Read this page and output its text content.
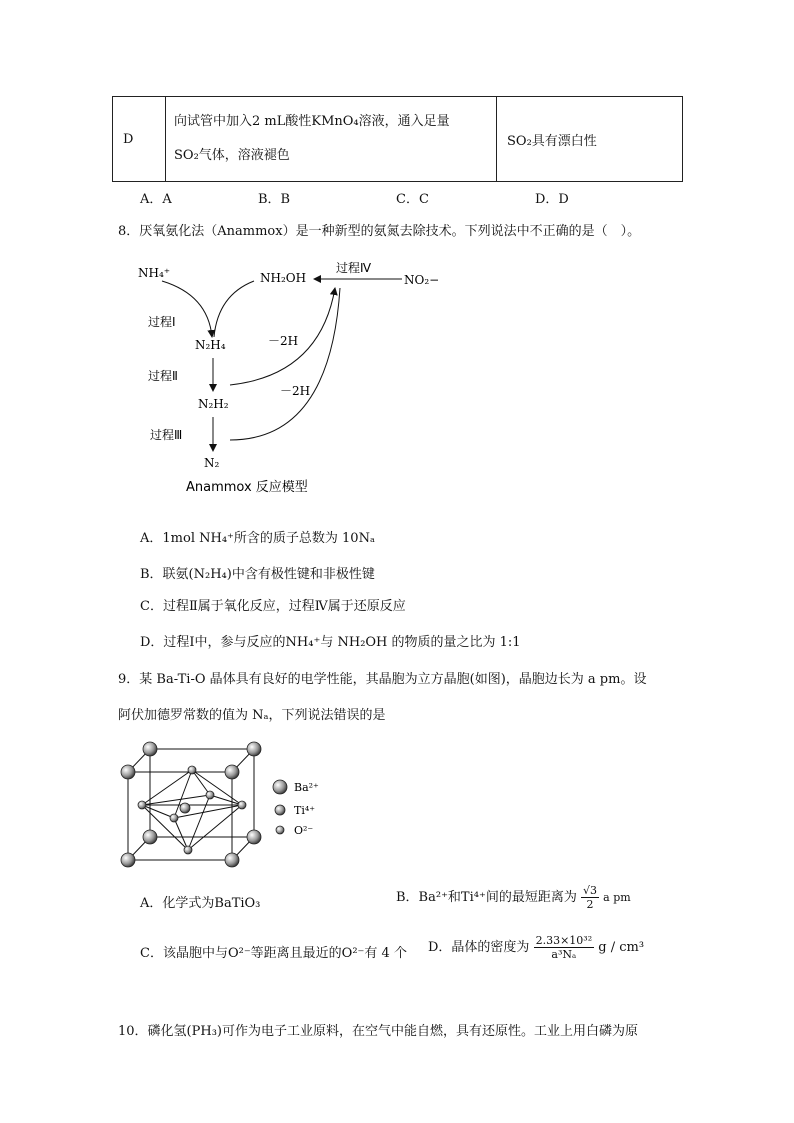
D	
向试管中加入2 mL酸性KMnO₄溶液，通入足量
SO₂气体，溶液褪色
	SO₂具有漂白性
A．A	B．B	C．C	D．D
8．厌氧氨化法（Anammox）是一种新型的氨氮去除技术。下列说法中不正确的是（　）。
NH₄⁺	NH₂OH	NO₂−
过程Ⅳ
过程Ⅰ
N₂H₄	－2H
过程Ⅱ
N₂H₂
－2H
过程Ⅲ
N₂
Anammox 反应模型
A．1mol NH₄⁺所含的质子总数为 10Nₐ
B．联氨(N₂H₄)中含有极性键和非极性键
C．过程Ⅱ属于氧化反应，过程Ⅳ属于还原反应
D．过程Ⅰ中，参与反应的NH₄⁺与 NH₂OH 的物质的量之比为 1:1
9．某 Ba-Ti-O 晶体具有良好的电学性能，其晶胞为立方晶胞(如图)，晶胞边长为 a pm。设
阿伏加德罗常数的值为 Nₐ，下列说法错误的是
Ba²⁺
Ti⁴⁺
O²⁻
A．化学式为BaTiO₃	B．Ba²⁺和Ti⁴⁺间的最短距离为 $\frac{√3}{2}$ a pm
C．该晶胞中与O²⁻等距离且最近的O²⁻有 4 个 D．晶体的密度为 $\frac{\text{2.33×10³²}}{\text{a³Nₐ}}$ g / cm³
10．磷化氢(PH₃)可作为电子工业原料，在空气中能自燃，具有还原性。工业上用白磷为原
